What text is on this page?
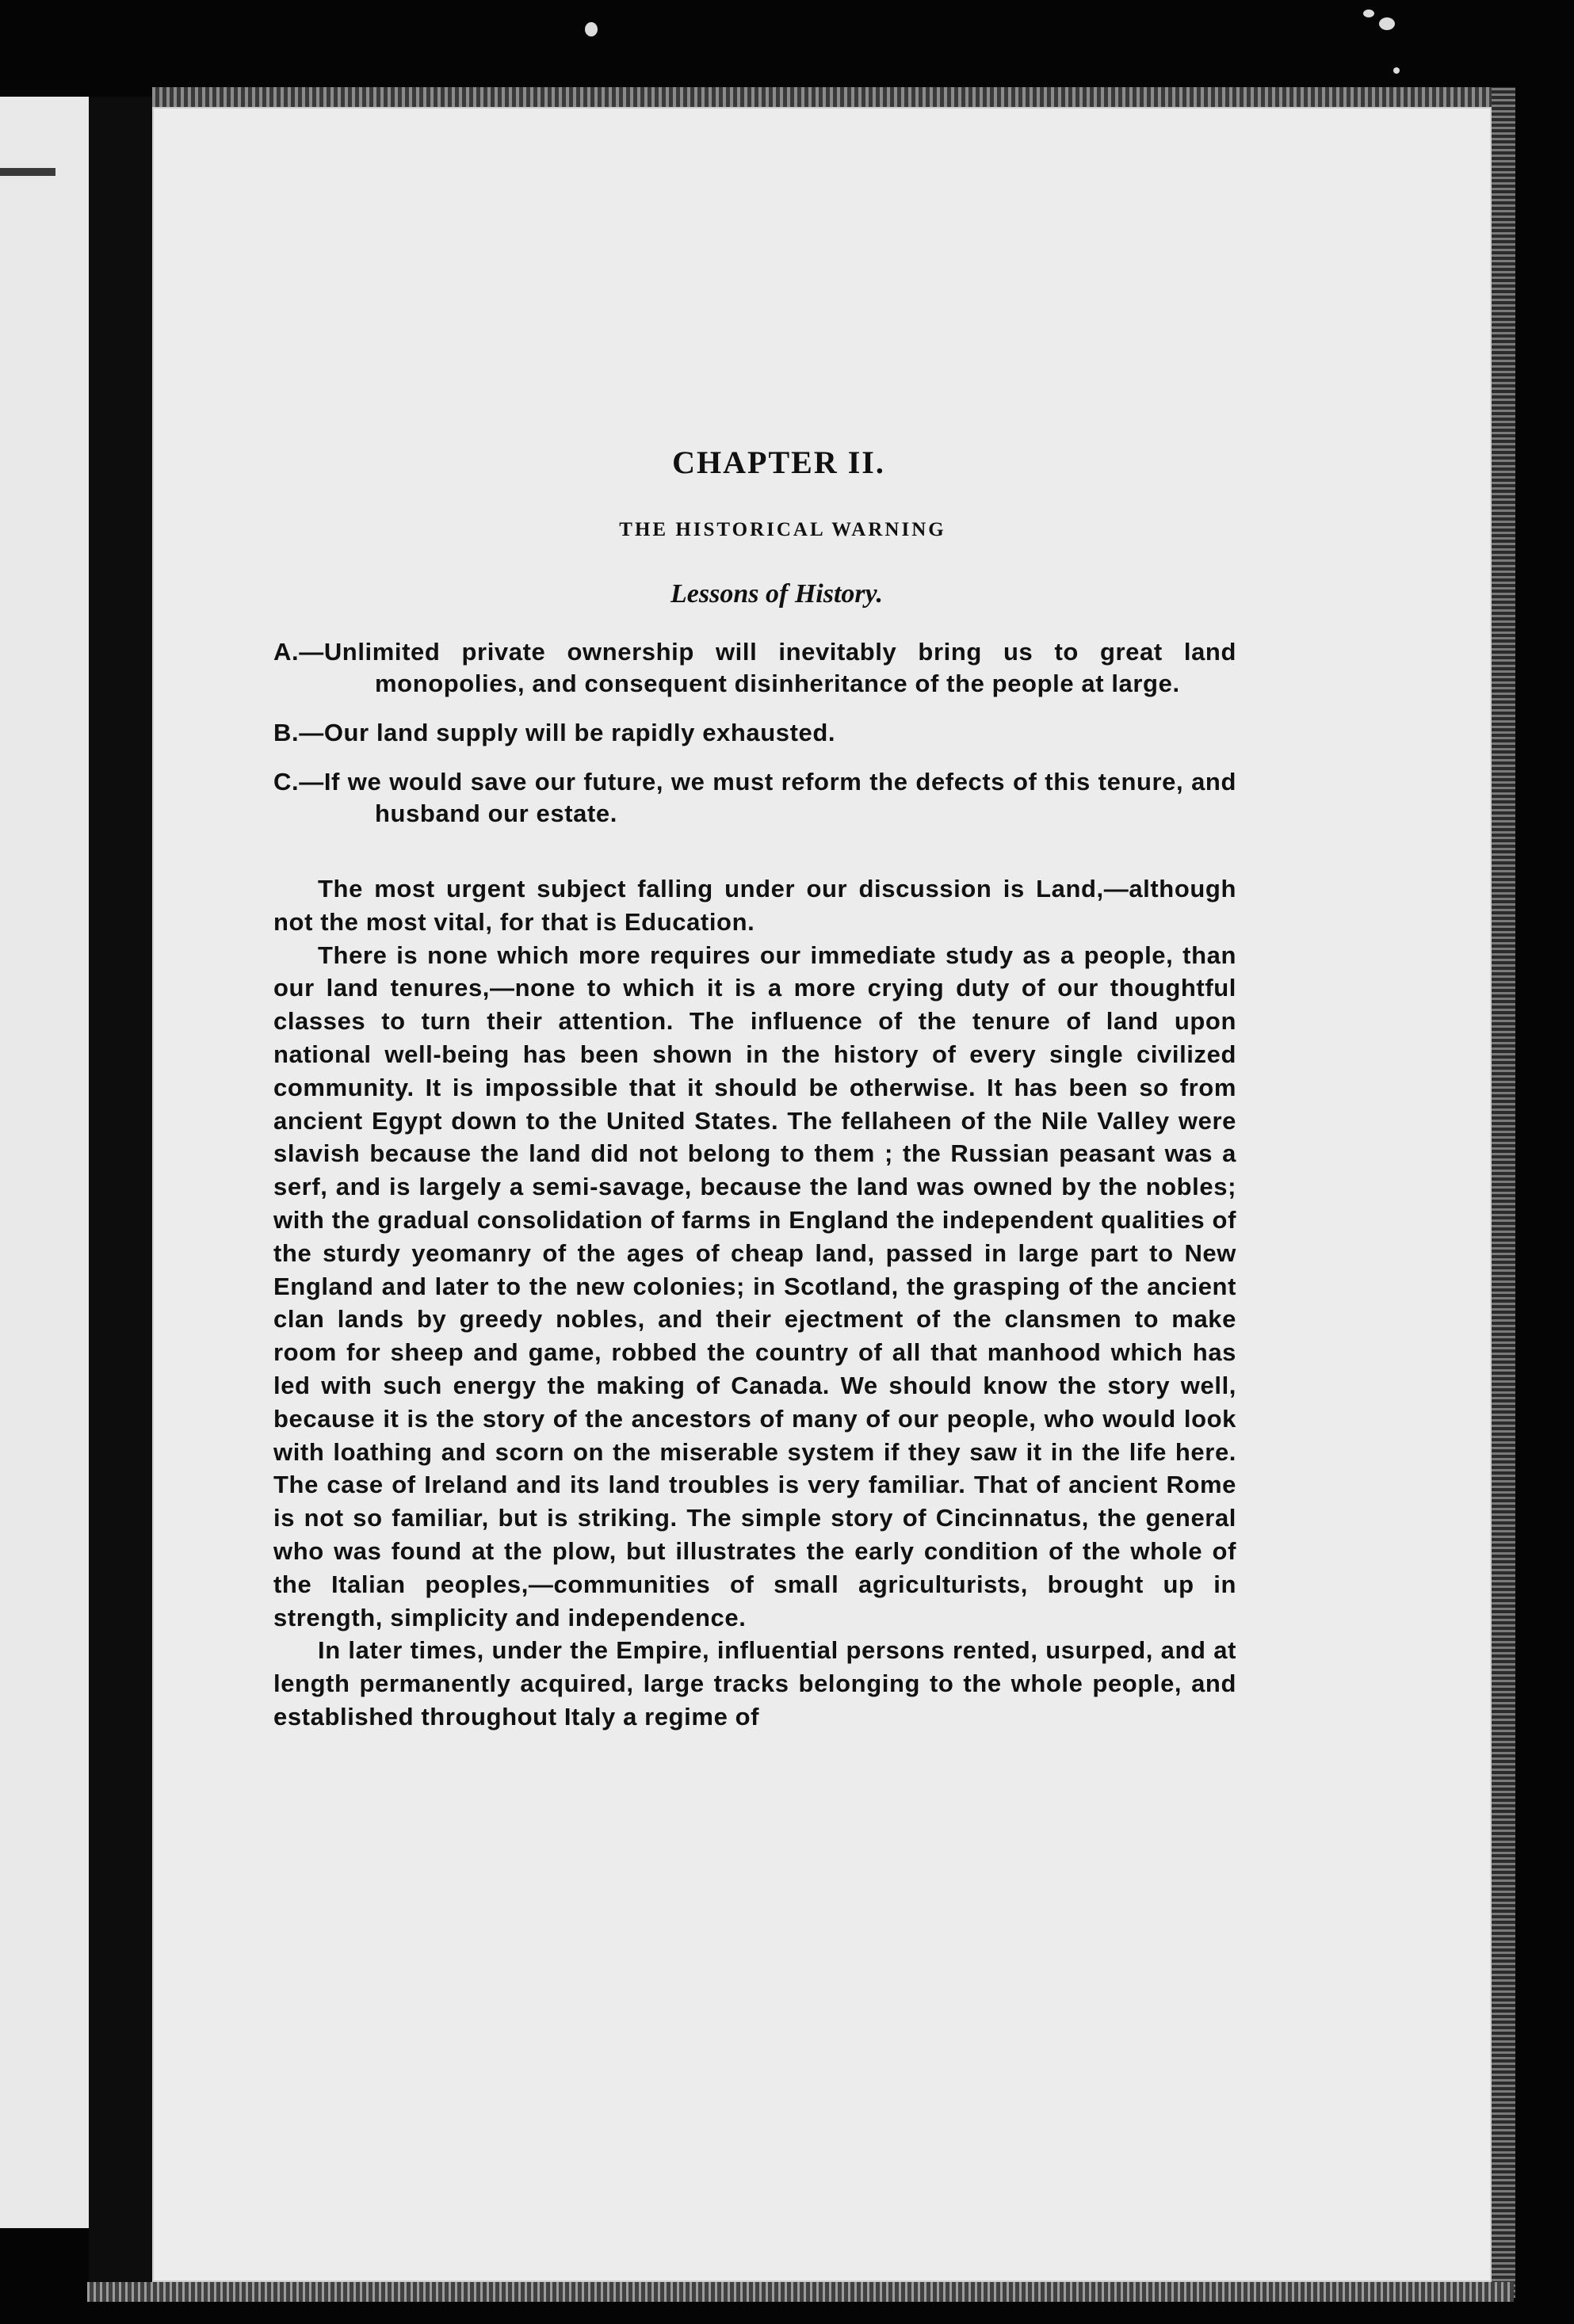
CHAPTER II.
THE HISTORICAL WARNING
Lessons of History.

A.—Unlimited private ownership will inevitably bring us to great land monopolies, and consequent disinheritance of the people at large.

B.—Our land supply will be rapidly exhausted.

C.—If we would save our future, we must reform the defects of this tenure, and husband our estate.

The most urgent subject falling under our discussion is Land,—although not the most vital, for that is Education.

There is none which more requires our immediate study as a people, than our land tenures,—none to which it is a more crying duty of our thoughtful classes to turn their attention. The influence of the tenure of land upon national well-being has been shown in the history of every single civilized community. It is impossible that it should be otherwise. It has been so from ancient Egypt down to the United States. The fellaheen of the Nile Valley were slavish because the land did not belong to them ; the Russian peasant was a serf, and is largely a semi-savage, because the land was owned by the nobles; with the gradual consolidation of farms in England the independent qualities of the sturdy yeomanry of the ages of cheap land, passed in large part to New England and later to the new colonies; in Scotland, the grasping of the ancient clan lands by greedy nobles, and their ejectment of the clansmen to make room for sheep and game, robbed the country of all that manhood which has led with such energy the making of Canada. We should know the story well, because it is the story of the ancestors of many of our people, who would look with loathing and scorn on the miserable system if they saw it in the life here. The case of Ireland and its land troubles is very familiar. That of ancient Rome is not so familiar, but is striking. The simple story of Cincinnatus, the general who was found at the plow, but illustrates the early condition of the whole of the Italian peoples,—communities of small agriculturists, brought up in strength, simplicity and independence.

In later times, under the Empire, influential persons rented, usurped, and at length permanently acquired, large tracks belonging to the whole people, and established throughout Italy a regime of
